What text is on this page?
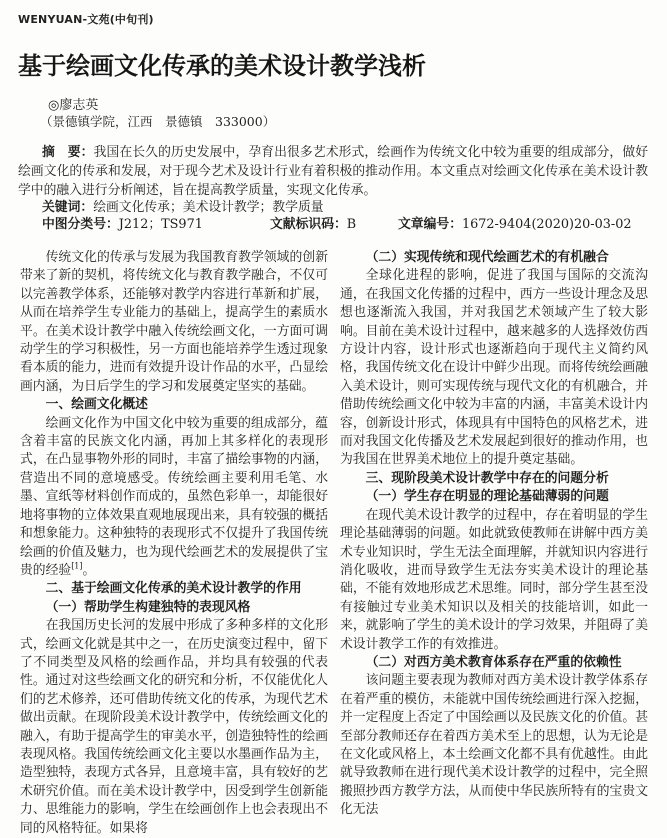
WENYUAN-文苑(中旬刊)
基于绘画文化传承的美术设计教学浅析
◎廖志英
（景德镇学院，江西　景德镇　333000）

摘　要：我国在长久的历史发展中，孕育出很多艺术形式，绘画作为传统文化中较为重要的组成部分，做好绘画文化的传承和发展，对于现今艺术及设计行业有着积极的推动作用。本文重点对绘画文化传承在美术设计教学中的融入进行分析阐述，旨在提高教学质量，实现文化传承。

关键词：绘画文化传承；美术设计教学；教学质量

中图分类号：J212；TS971	文献标识码：B	文章编号：1672-9404(2020)20-03-02

传统文化的传承与发展为我国教育教学领域的创新带来了新的契机，将传统文化与教育教学融合，不仅可以完善教学体系，还能够对教学内容进行革新和扩展，从而在培养学生专业能力的基础上，提高学生的素质水平。在美术设计教学中融入传统绘画文化，一方面可调动学生的学习积极性，另一方面也能培养学生透过现象看本质的能力，进而有效提升设计作品的水平，凸显绘画内涵，为日后学生的学习和发展奠定坚实的基础。

一、绘画文化概述

绘画文化作为中国文化中较为重要的组成部分，蕴含着丰富的民族文化内涵，再加上其多样化的表现形式，在凸显事物外形的同时，丰富了描绘事物的内涵，营造出不同的意境感受。传统绘画主要利用毛笔、水墨、宣纸等材料创作而成的，虽然色彩单一，却能很好地将事物的立体效果直观地展现出来，具有较强的概括和想象能力。这种独特的表现形式不仅提升了我国传统绘画的价值及魅力，也为现代绘画艺术的发展提供了宝贵的经验[1]。

二、基于绘画文化传承的美术设计教学的作用
（一）帮助学生构建独特的表现风格

在我国历史长河的发展中形成了多种多样的文化形式，绘画文化就是其中之一，在历史演变过程中，留下了不同类型及风格的绘画作品，并均具有较强的代表性。通过对这些绘画文化的研究和分析，不仅能优化人们的艺术修养，还可借助传统文化的传承，为现代艺术做出贡献。在现阶段美术设计教学中，传统绘画文化的融入，有助于提高学生的审美水平，创造独特性的绘画表现风格。我国传统绘画文化主要以水墨画作品为主，造型独特，表现方式各异，且意境丰富，具有较好的艺术研究价值。而在美术设计教学中，因受到学生创新能力、思维能力的影响，学生在绘画创作上也会表现出不同的风格特征。如果将

（二）实现传统和现代绘画艺术的有机融合

全球化进程的影响，促进了我国与国际的交流沟通，在我国文化传播的过程中，西方一些设计理念及思想也逐渐流入我国，并对我国艺术领域产生了较大影响。目前在美术设计过程中，越来越多的人选择效仿西方设计内容，设计形式也逐渐趋向于现代主义简约风格，我国传统文化在设计中鲜少出现。而将传统绘画融入美术设计，则可实现传统与现代文化的有机融合，并借助传统绘画文化中较为丰富的内涵，丰富美术设计内容，创新设计形式，体现具有中国特色的风格艺术，进而对我国文化传播及艺术发展起到很好的推动作用，也为我国在世界美术地位上的提升奠定基础。

三、现阶段美术设计教学中存在的问题分析
（一）学生存在明显的理论基础薄弱的问题

在现代美术设计教学的过程中，存在着明显的学生理论基础薄弱的问题。如此就致使教师在讲解中西方美术专业知识时，学生无法全面理解，并就知识内容进行消化吸收，进而导致学生无法夯实美术设计的理论基础，不能有效地形成艺术思维。同时，部分学生甚至没有接触过专业美术知识以及相关的技能培训，如此一来，就影响了学生的美术设计的学习效果，并阻碍了美术设计教学工作的有效推进。

（二）对西方美术教育体系存在严重的依赖性

该问题主要表现为教师对西方美术设计教学体系存在着严重的模仿，未能就中国传统绘画进行深入挖掘，并一定程度上否定了中国绘画以及民族文化的价值。甚至部分教师还存在着西方美术至上的思想，认为无论是在文化或风格上，本土绘画文化都不具有优越性。由此就导致教师在进行现代美术设计教学的过程中，完全照搬照抄西方教学方法，从而使中华民族所特有的宝贵文化无法
